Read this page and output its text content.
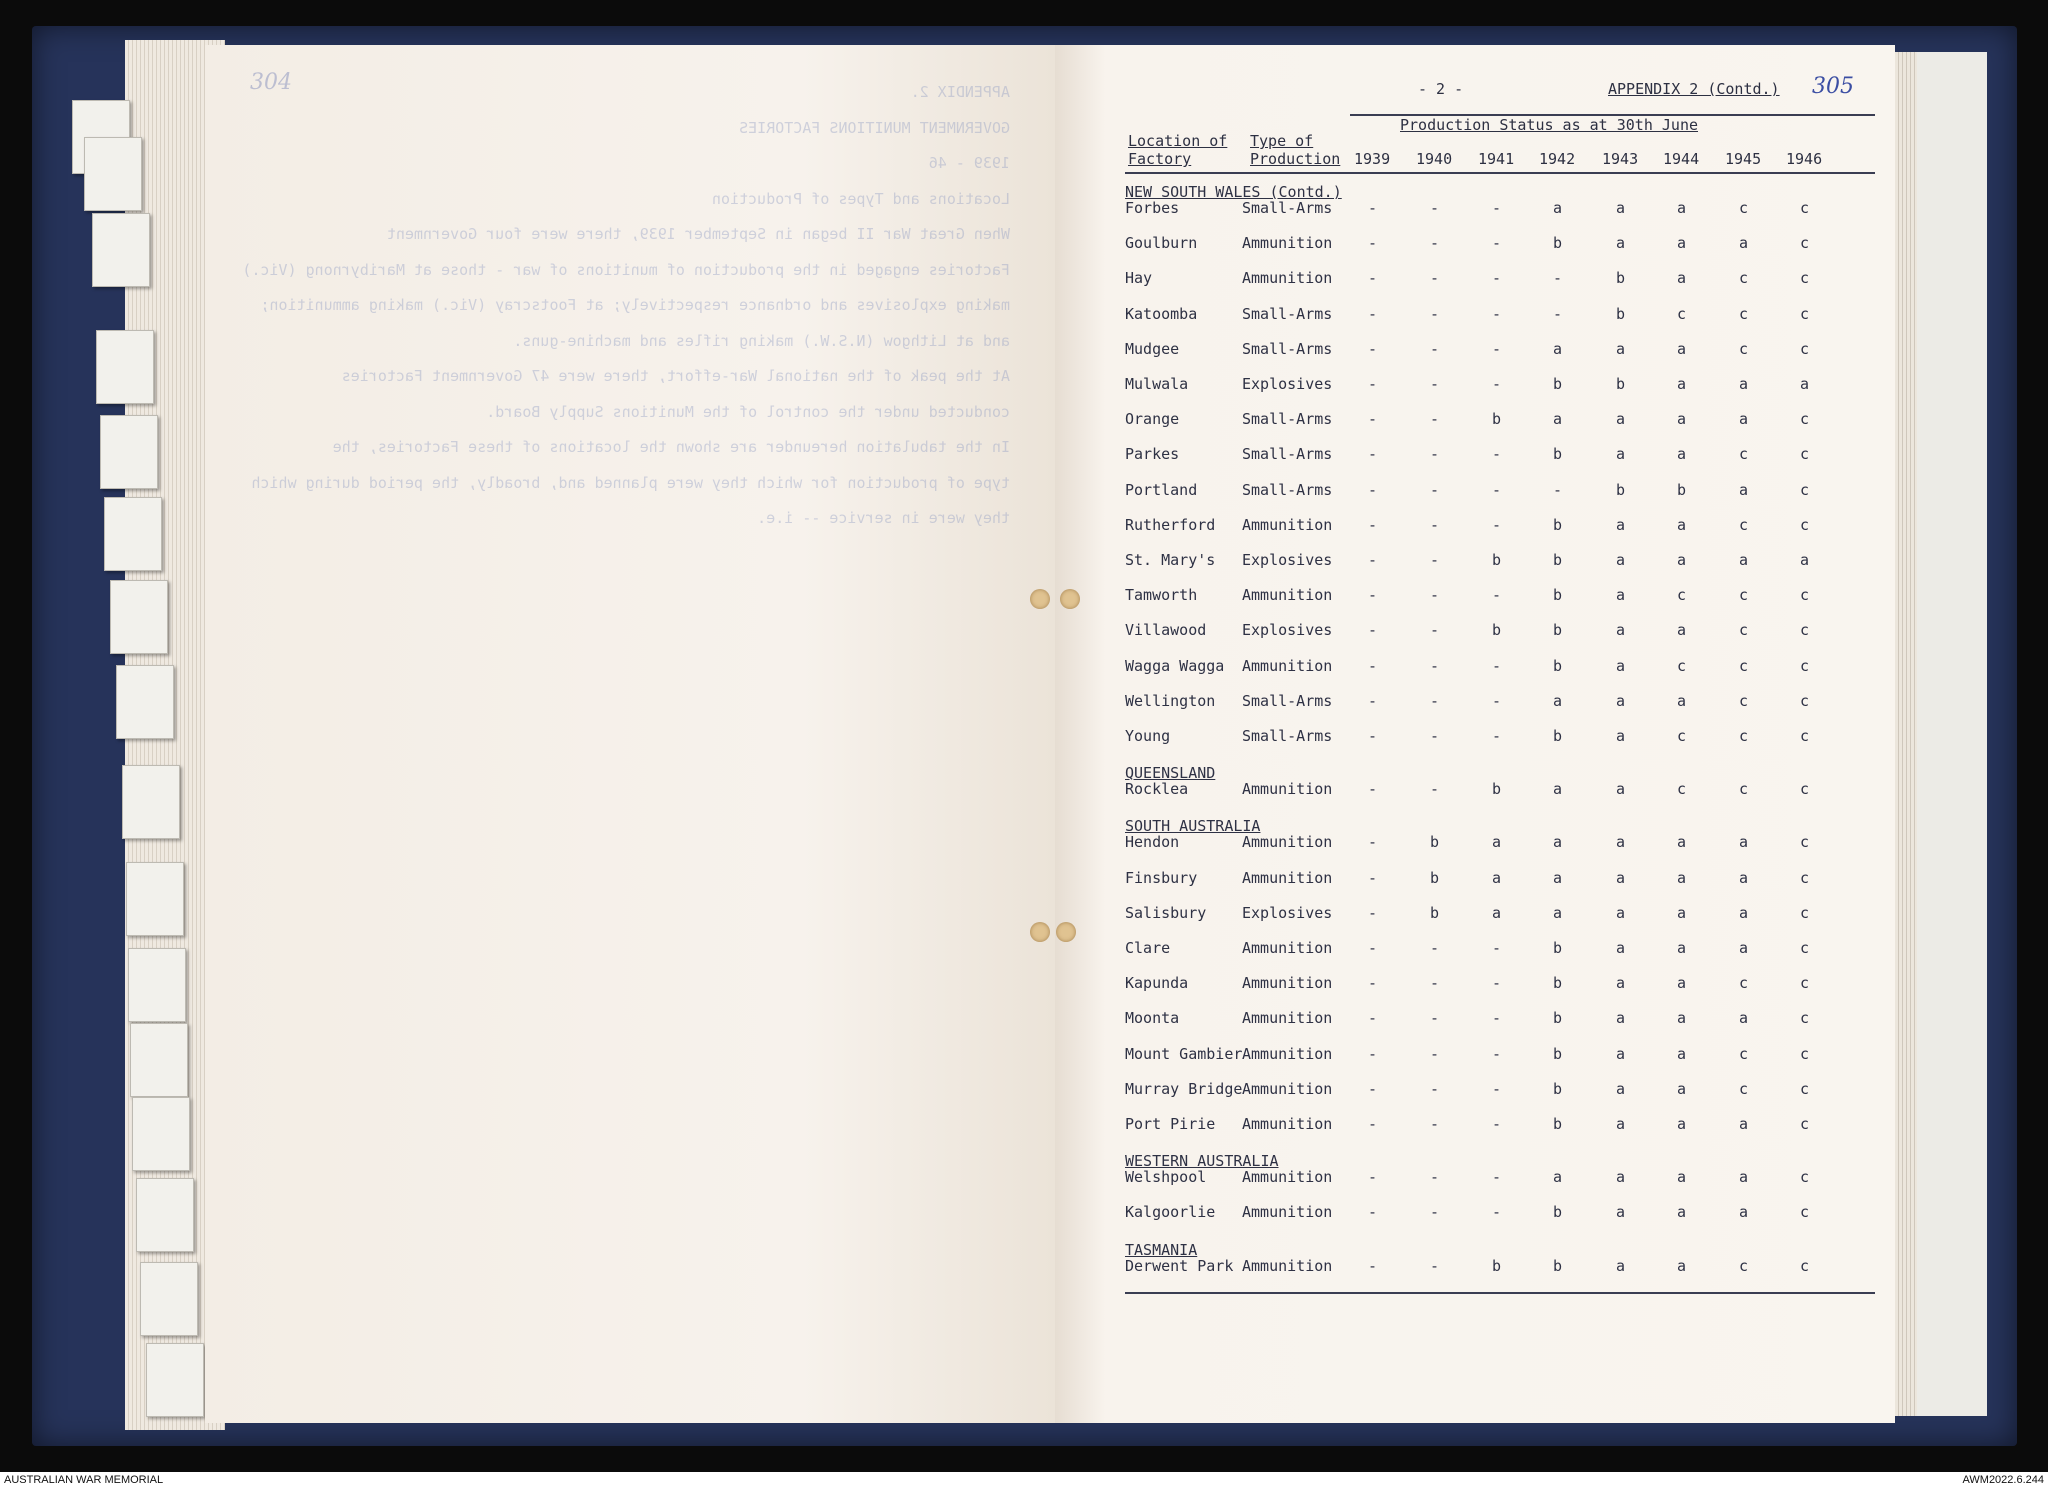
APPENDIX 2.
GOVERNMENT MUNITIONS FACTORIES
1939 - 46
Locations and Types of Production
When Great War II began in September 1939, there were four Government
Factories engaged in the production of munitions of war - those at Maribyrnong (Vic.)
making explosives and ordnance respectively; at Footscray (Vic.) making ammunition;
and at Lithgow (N.S.W.) making rifles and machine-guns.
At the peak of the national War-effort, there were 47 Government Factories
conducted under the control of the Munitions Supply Board.
In the tabulation hereunder are shown the locations of these Factories, the
type of production for which they were planned and, broadly, the period during which
they were in service -- i.e.
304	- 2 -	APPENDIX 2 (Contd.) 305
Production Status as at 30th June
Location of
Factory
Type of
Production 1939 1940 1941 1942 1943 1944 1945 1946
NEW SOUTH WALES (Contd.)
Forbes	Small-Arms -	-	-	a	a	a	c	c
Goulburn	Ammunition -	-	-	b	a	a	a	c
Hay	Ammunition -	-	-	-	b	a	c	c
Katoomba	Small-Arms -	-	-	-	b	c	c	c
Mudgee	Small-Arms -	-	-	a	a	a	c	c
Mulwala	Explosives -	-	-	b	b	a	a	a
Orange	Small-Arms -	-	b	a	a	a	a	c
Parkes	Small-Arms -	-	-	b	a	a	c	c
Portland	Small-Arms -	-	-	-	b	b	a	c
Rutherford Ammunition -	-	-	b	a	a	c	c
St. Mary's Explosives -	-	b	b	a	a	a	a
Tamworth	Ammunition -	-	-	b	a	c	c	c
Villawood Explosives -	-	b	b	a	a	c	c
Wagga Wagga Ammunition -	-	-	b	a	c	c	c
Wellington Small-Arms -	-	-	a	a	a	c	c
Young	Small-Arms -	-	-	b	a	c	c	c
QUEENSLAND
Rocklea	Ammunition -	-	b	a	a	c	c	c
SOUTH AUSTRALIA
Hendon	Ammunition -	b	a	a	a	a	a	c
Finsbury	Ammunition -	b	a	a	a	a	a	c
Salisbury Explosives -	b	a	a	a	a	a	c
Clare	Ammunition -	-	-	b	a	a	a	c
Kapunda	Ammunition -	-	-	b	a	a	c	c
Moonta	Ammunition -	-	-	b	a	a	a	c
Mount Gambier Ammunition -	-	-	b	a	a	c	c
Murray Bridge Ammunition -	-	-	b	a	a	c	c
Port Pirie Ammunition -	-	-	b	a	a	a	c
WESTERN AUSTRALIA
Welshpool Ammunition -	-	-	a	a	a	a	c
Kalgoorlie Ammunition -	-	-	b	a	a	a	c
TASMANIA
Derwent Park Ammunition -	-	b	b	a	a	c	c
AUSTRALIAN WAR MEMORIAL	AWM2022.6.244
